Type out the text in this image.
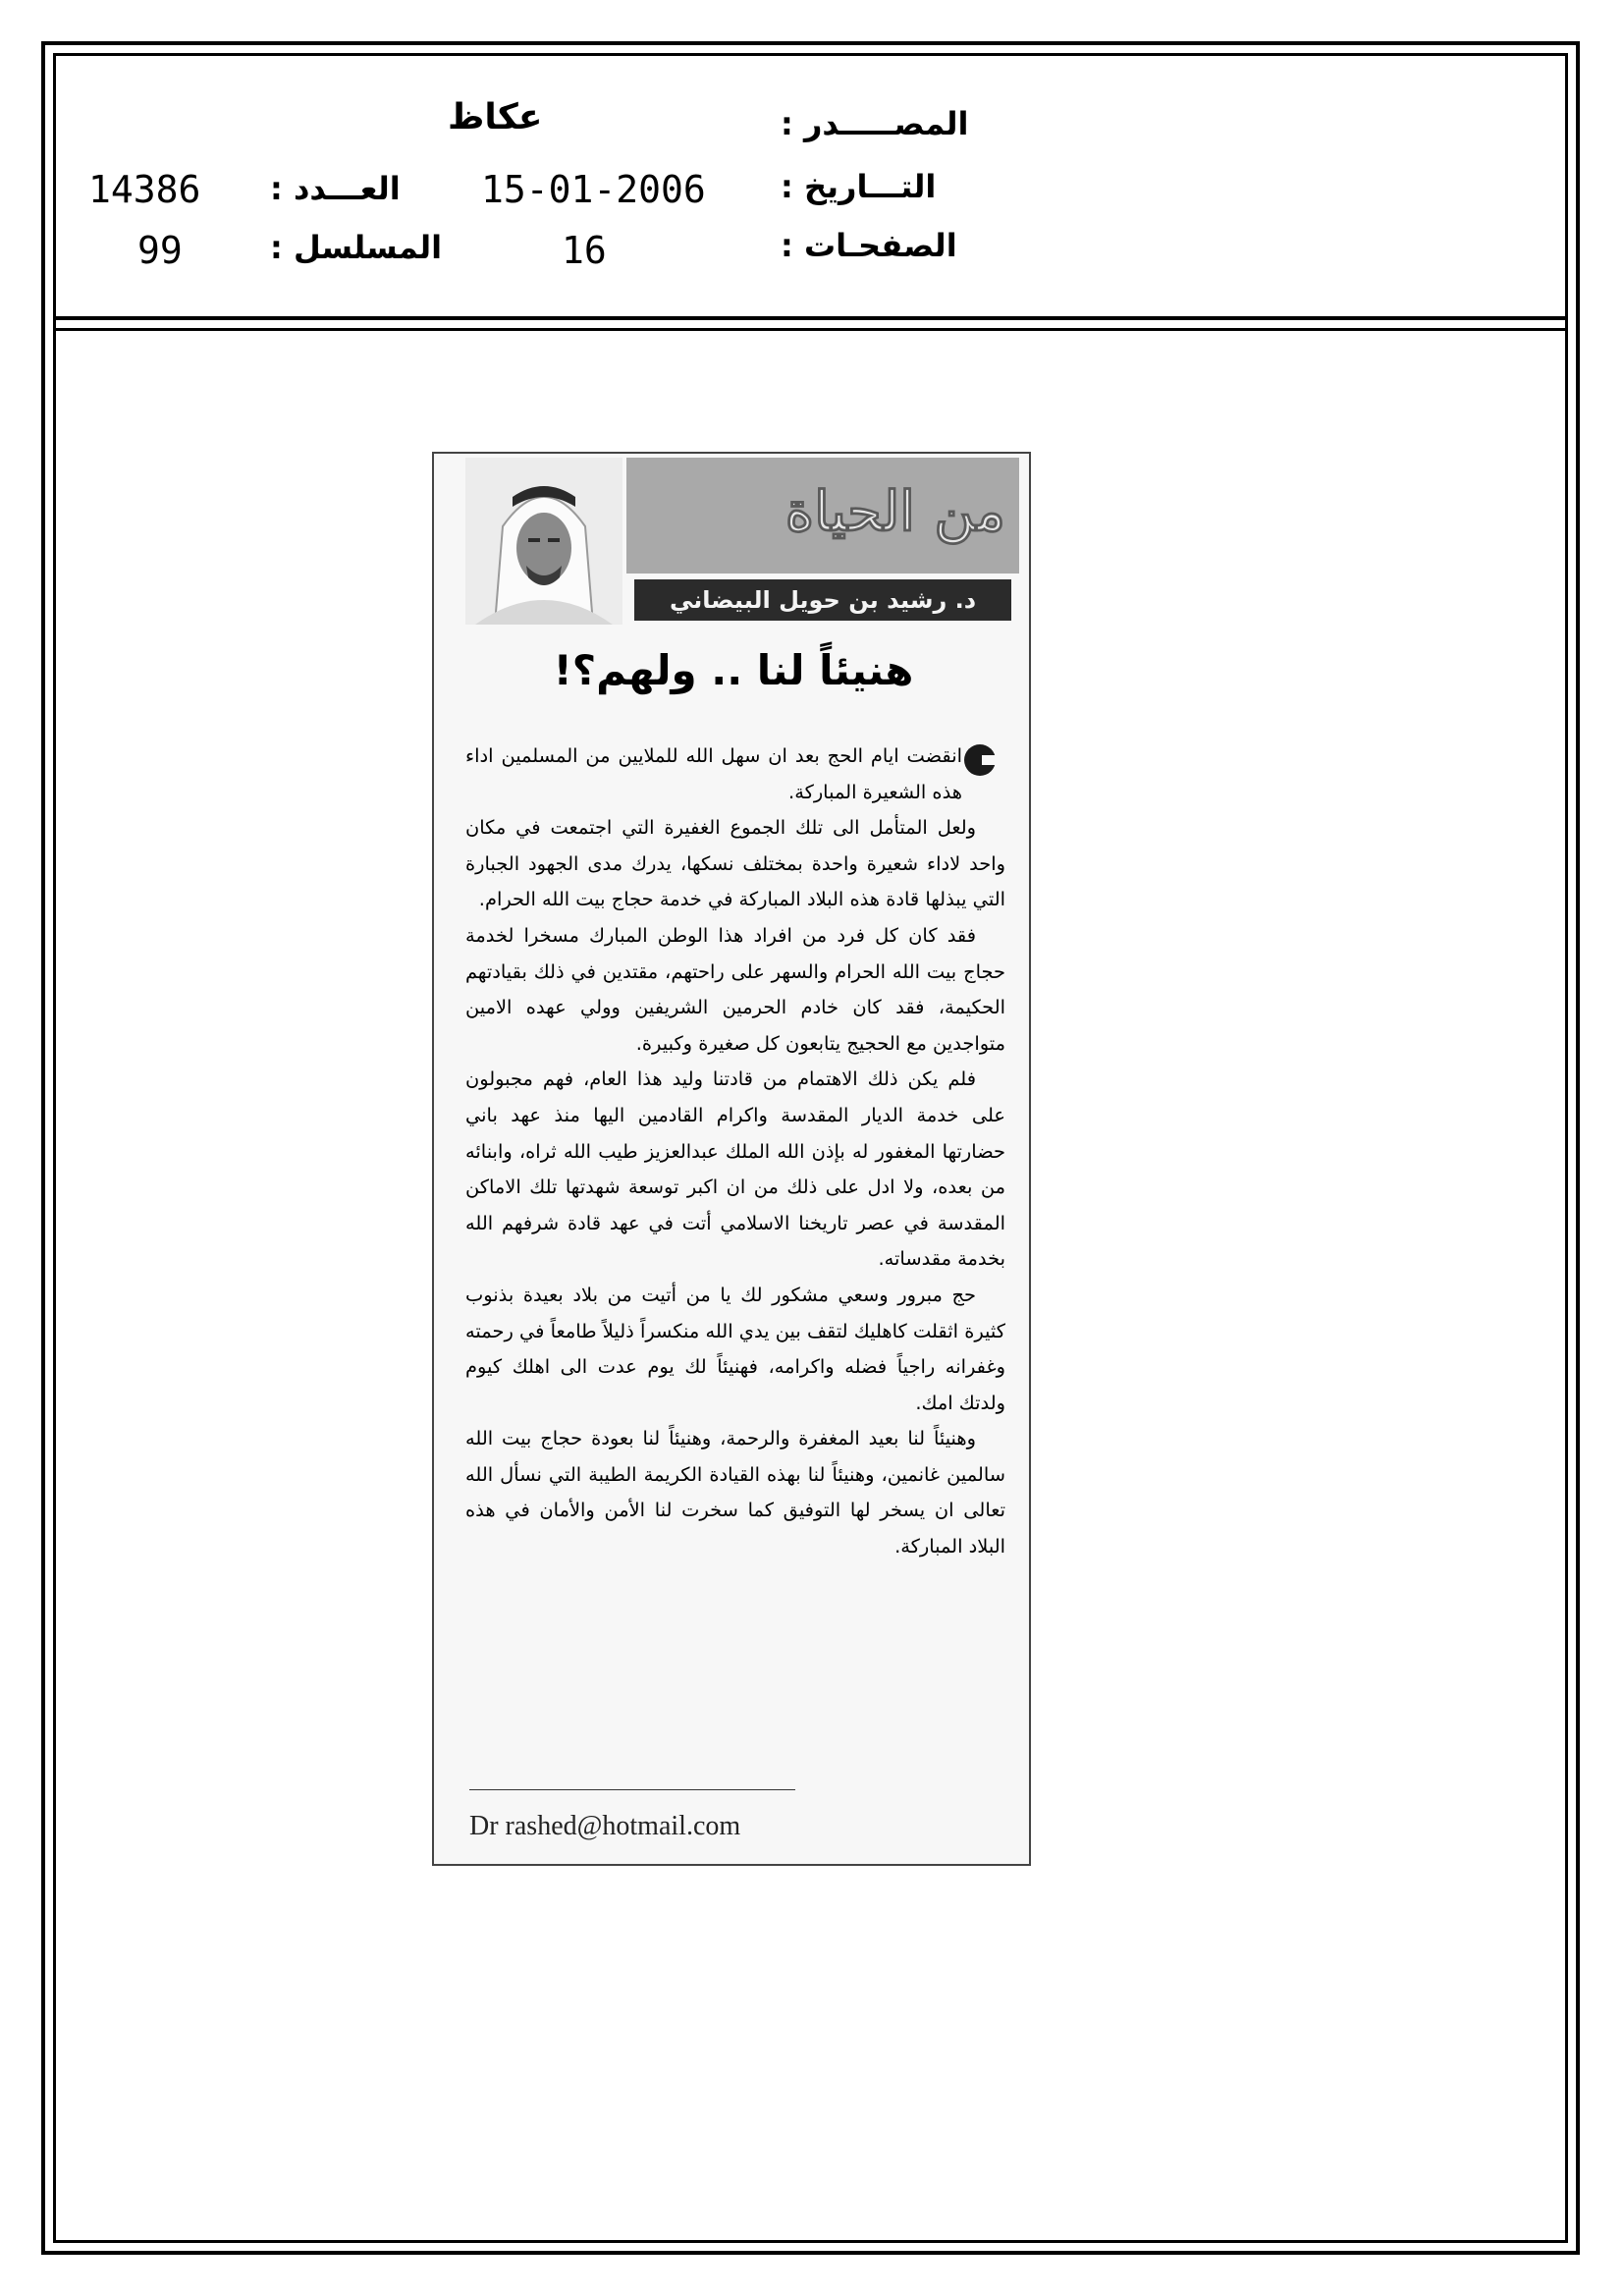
المصـــــدر :
عكاظ
التـــاريخ :
15-01-2006
العـــدد :
14386
الصفحـات :
16
المسلسل :
99
من الحياة
د. رشيد بن حويل البيضاني
هنيئاً لنا .. ولهم؟!

انقضت ايام الحج بعد ان سهل الله للملايين من المسلمين اداء هذه الشعيرة المباركة.

ولعل المتأمل الى تلك الجموع الغفيرة التي اجتمعت في مكان واحد لاداء شعيرة واحدة بمختلف نسكها، يدرك مدى الجهود الجبارة التي يبذلها قادة هذه البلاد المباركة في خدمة حجاج بيت الله الحرام.

فقد كان كل فرد من افراد هذا الوطن المبارك مسخرا لخدمة حجاج بيت الله الحرام والسهر على راحتهم، مقتدين في ذلك بقيادتهم الحكيمة، فقد كان خادم الحرمين الشريفين وولي عهده الامين متواجدين مع الحجيج يتابعون كل صغيرة وكبيرة.

فلم يكن ذلك الاهتمام من قادتنا وليد هذا العام، فهم مجبولون على خدمة الديار المقدسة واكرام القادمين اليها منذ عهد باني حضارتها المغفور له بإذن الله الملك عبدالعزيز طيب الله ثراه، وابنائه من بعده، ولا ادل على ذلك من ان اكبر توسعة شهدتها تلك الاماكن المقدسة في عصر تاريخنا الاسلامي أتت في عهد قادة شرفهم الله بخدمة مقدساته.

حج مبرور وسعي مشكور لك يا من أتيت من بلاد بعيدة بذنوب كثيرة اثقلت كاهليك لتقف بين يدي الله منكسراً ذليلاً طامعاً في رحمته وغفرانه راجياً فضله واكرامه، فهنيئاً لك يوم عدت الى اهلك كيوم ولدتك امك.

وهنيئاً لنا بعيد المغفرة والرحمة، وهنيئاً لنا بعودة حجاج بيت الله سالمين غانمين، وهنيئاً لنا بهذه القيادة الكريمة الطيبة التي نسأل الله تعالى ان يسخر لها التوفيق كما سخرت لنا الأمن والأمان في هذه البلاد المباركة.

Dr rashed@hotmail.com
